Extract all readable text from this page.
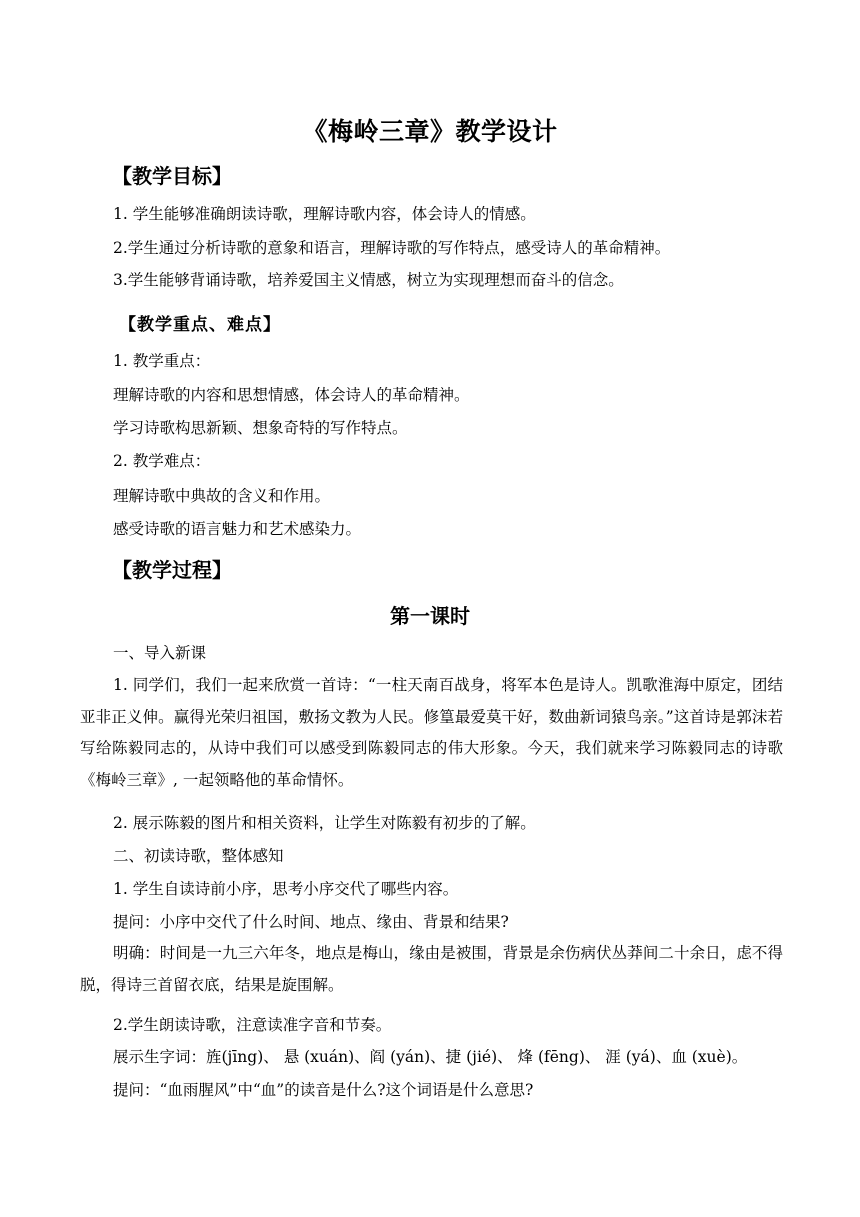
《梅岭三章》教学设计
【教学目标】
1. 学生能够准确朗读诗歌，理解诗歌内容，体会诗人的情感。
2.学生通过分析诗歌的意象和语言，理解诗歌的写作特点，感受诗人的革命精神。
3.学生能够背诵诗歌，培养爱国主义情感，树立为实现理想而奋斗的信念。
【教学重点、难点】
1. 教学重点：
理解诗歌的内容和思想情感，体会诗人的革命精神。
学习诗歌构思新颖、想象奇特的写作特点。
2. 教学难点：
理解诗歌中典故的含义和作用。
感受诗歌的语言魅力和艺术感染力。
【教学过程】
第一课时
一、导入新课
1. 同学们，我们一起来欣赏一首诗：“一柱天南百战身，将军本色是诗人。凯歌淮海中原定，团结亚非正义伸。赢得光荣归祖国，敷扬文教为人民。修篁最爱莫干好，数曲新词猿鸟亲。”这首诗是郭沫若写给陈毅同志的，从诗中我们可以感受到陈毅同志的伟大形象。今天，我们就来学习陈毅同志的诗歌《梅岭三章》, 一起领略他的革命情怀。
2. 展示陈毅的图片和相关资料，让学生对陈毅有初步的了解。
二、初读诗歌，整体感知
1. 学生自读诗前小序，思考小序交代了哪些内容。
提问：小序中交代了什么时间、地点、缘由、背景和结果?
明确：时间是一九三六年冬，地点是梅山，缘由是被围，背景是余伤病伏丛莽间二十余日，虑不得脱，得诗三首留衣底，结果是旋围解。
2.学生朗读诗歌，注意读准字音和节奏。
展示生字词：旌(jīng)、 悬 (xuán)、阎 (yán)、捷 (jié)、 烽 (fēng)、 涯 (yá)、血 (xuè)。
提问：“血雨腥风”中“血”的读音是什么?这个词语是什么意思?
